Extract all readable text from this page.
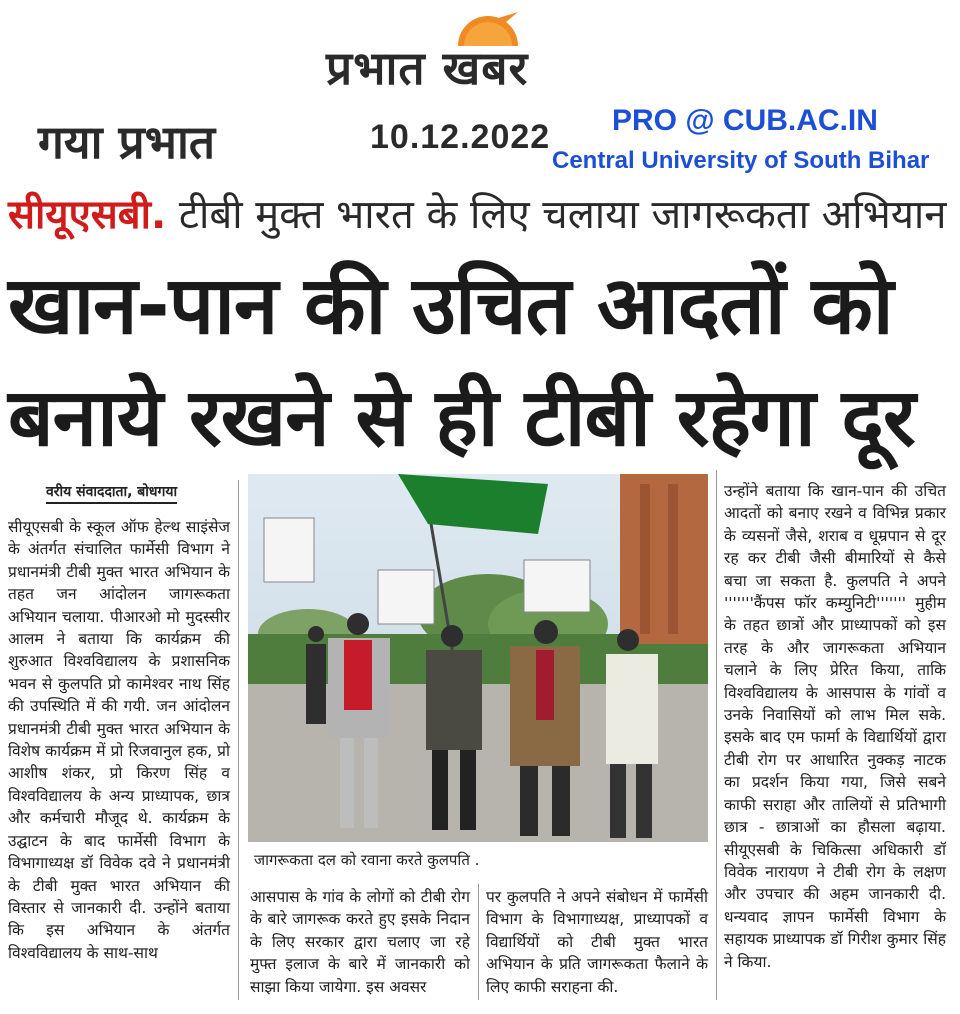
प्रभात खबर
गया प्रभात	10.12.2022 PRO @ CUB.AC.IN
Central University of South Bihar
सीयूएसबी. टीबी मुक्त भारत के लिए चलाया जागरूकता अभियान
खान-पान की उचित आदतों को
बनाये रखने से ही टीबी रहेगा दूर
वरीय संवाददाता, बोधगया

सीयूएसबी के स्कूल ऑफ हेल्थ साइंसेज के अंतर्गत संचालित फार्मेसी विभाग ने प्रधानमंत्री टीबी मुक्त भारत अभियान के तहत जन आंदोलन जागरूकता अभियान चलाया. पीआरओ मो मुदस्सीर आलम ने बताया कि कार्यक्रम की शुरुआत विश्वविद्यालय के प्रशासनिक भवन से कुलपति प्रो कामेश्वर नाथ सिंह की उपस्थिति में की गयी. जन आंदोलन प्रधानमंत्री टीबी मुक्त भारत अभियान के विशेष कार्यक्रम में प्रो रिजवानुल हक, प्रो आशीष शंकर, प्रो किरण सिंह व विश्वविद्यालय के अन्य प्राध्यापक, छात्र और कर्मचारी मौजूद थे. कार्यक्रम के उद्घाटन के बाद फार्मेसी विभाग के विभागाध्यक्ष डॉ विवेक दवे ने प्रधानमंत्री के टीबी मुक्त भारत अभियान की विस्तार से जानकारी दी. उन्होंने बताया कि इस अभियान के अंतर्गत विश्वविद्यालय के साथ-साथ

जागरूकता दल को रवाना करते कुलपति .

आसपास के गांव के लोगों को टीबी रोग के बारे जागरूक करते हुए इसके निदान के लिए सरकार द्वारा चलाए जा रहे मुफ्त इलाज के बारे में जानकारी को साझा किया जायेगा. इस अवसर

पर कुलपति ने अपने संबोधन में फार्मेसी विभाग के विभागाध्यक्ष, प्राध्यापकों व विद्यार्थियों को टीबी मुक्त भारत अभियान के प्रति जागरूकता फैलाने के लिए काफी सराहना की.

उन्होंने बताया कि खान-पान की उचित आदतों को बनाए रखने व विभिन्न प्रकार के व्यसनों जैसे, शराब व धूम्रपान से दूर रह कर टीबी जैसी बीमारियों से कैसे बचा जा सकता है. कुलपति ने अपने '''''''कैंपस फॉर कम्युनिटी''''''' मुहीम के तहत छात्रों और प्राध्यापकों को इस तरह के और जागरूकता अभियान चलाने के लिए प्रेरित किया, ताकि विश्वविद्यालय के आसपास के गांवों व उनके निवासियों को लाभ मिल सके. इसके बाद एम फार्मा के विद्यार्थियों द्वारा टीबी रोग पर आधारित नुक्कड़ नाटक का प्रदर्शन किया गया, जिसे सबने काफी सराहा और तालियों से प्रतिभागी छात्र - छात्राओं का हौसला बढ़ाया. सीयूएसबी के चिकित्सा अधिकारी डॉ विवेक नारायण ने टीबी रोग के लक्षण और उपचार की अहम जानकारी दी. धन्यवाद ज्ञापन फार्मेसी विभाग के सहायक प्राध्यापक डॉ गिरीश कुमार सिंह ने किया.
